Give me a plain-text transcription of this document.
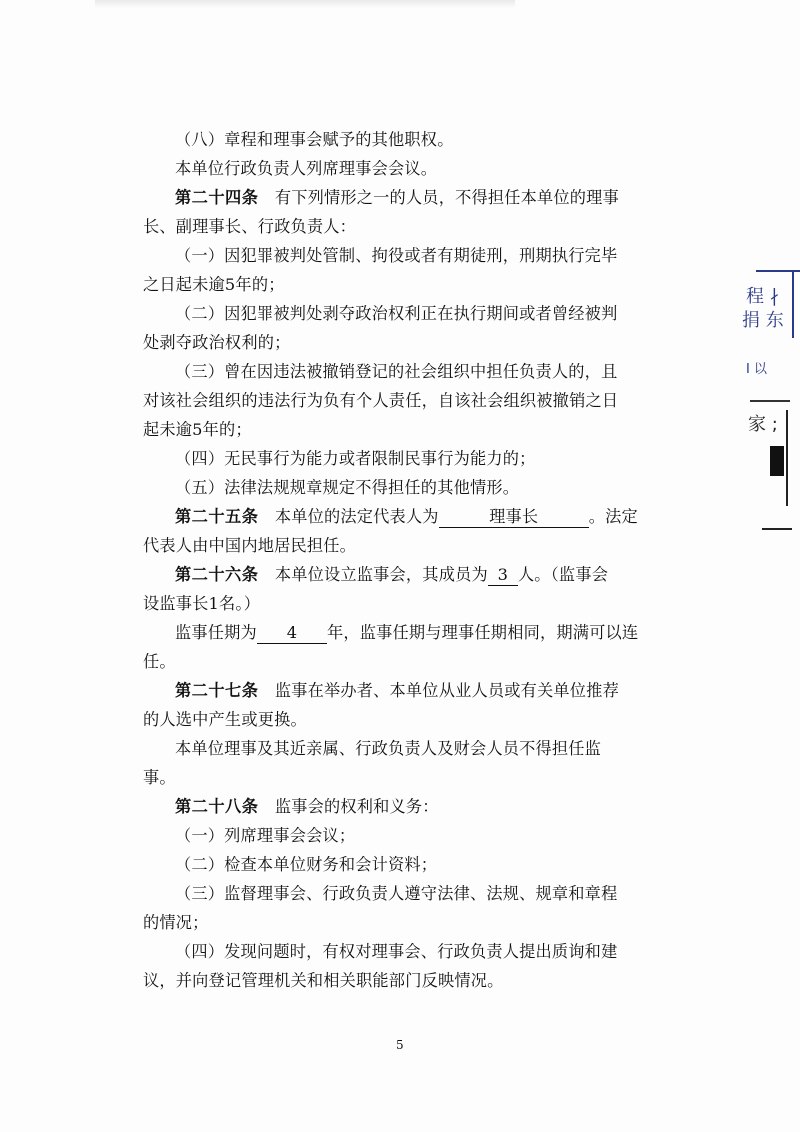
（八）章程和理事会赋予的其他职权。
本单位行政负责人列席理事会会议。
第二十四条　有下列情形之一的人员，不得担任本单位的理事
长、副理事长、行政负责人：
（一）因犯罪被判处管制、拘役或者有期徒刑，刑期执行完毕
之日起未逾5年的；
（二）因犯罪被判处剥夺政治权利正在执行期间或者曾经被判
处剥夺政治权利的；
（三）曾在因违法被撤销登记的社会组织中担任负责人的，且
对该社会组织的违法行为负有个人责任，自该社会组织被撤销之日
起未逾5年的；
（四）无民事行为能力或者限制民事行为能力的；
（五）法律法规规章规定不得担任的其他情形。
第二十五条　本单位的法定代表人为	理事长	。法定
代表人由中国内地居民担任。
第二十六条　本单位设立监事会，其成员为 3 人。（监事会
设监事长1名。）
监事任期为 4 年，监事任期与理事任期相同，期满可以连
任。
第二十七条　监事在举办者、本单位从业人员或有关单位推荐
的人选中产生或更换。
本单位理事及其近亲属、行政负责人及财会人员不得担任监
事。
第二十八条　监事会的权利和义务：
（一）列席理事会会议；
（二）检查本单位财务和会计资料；
（三）监督理事会、行政负责人遵守法律、法规、规章和章程
的情况；
（四）发现问题时，有权对理事会、行政负责人提出质询和建
议，并向登记管理机关和相关职能部门反映情况。
5
程 ∤
捐 东
I 以
家 ;
